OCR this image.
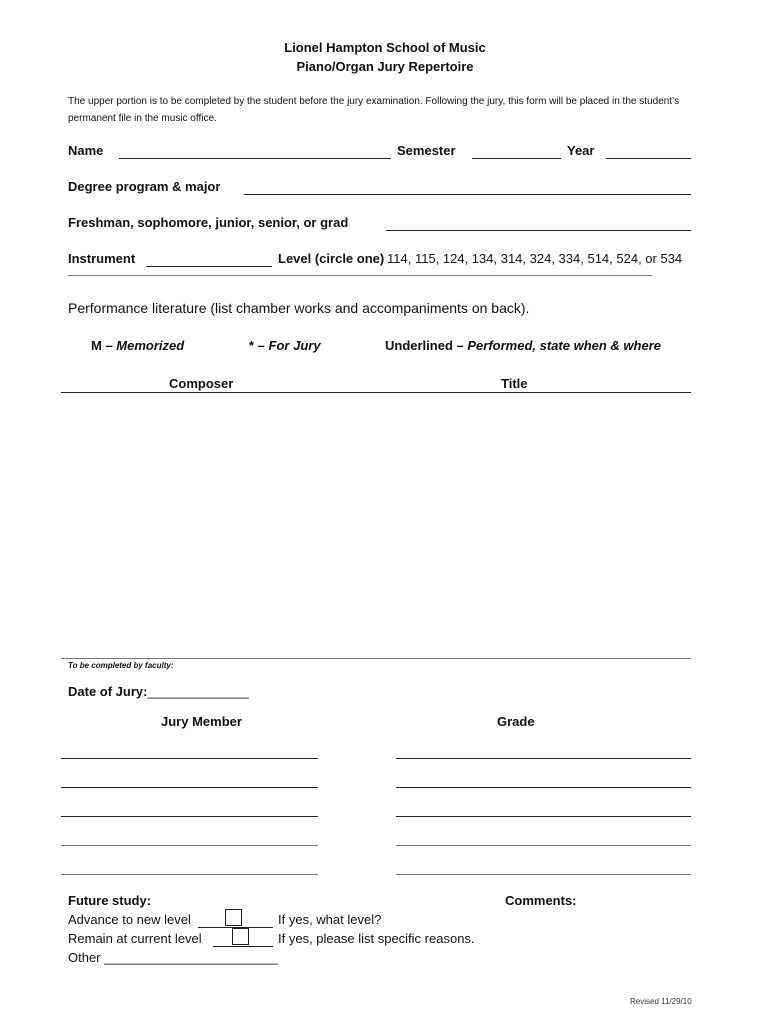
Lionel Hampton School of Music
Piano/Organ Jury Repertoire
The upper portion is to be completed by the student before the jury examination. Following the jury, this form will be placed in the student’s permanent file in the music office.
Name	Semester	Year
Degree program & major
Freshman, sophomore, junior, senior, or grad
Instrument	Level (circle one) 114, 115, 124, 134, 314, 324, 334, 514, 524, or 534
Performance literature (list chamber works and accompaniments on back).
M – Memorized	* – For Jury	Underlined – Performed, state when & where
Composer	Title
To be completed by faculty:
Date of Jury:______________
Jury Member	Grade
Future study:	Comments:
Advance to new level	If yes, what level?
Remain at current level	If yes, please list specific reasons.
Other ________________________
Revised 11/29/10
